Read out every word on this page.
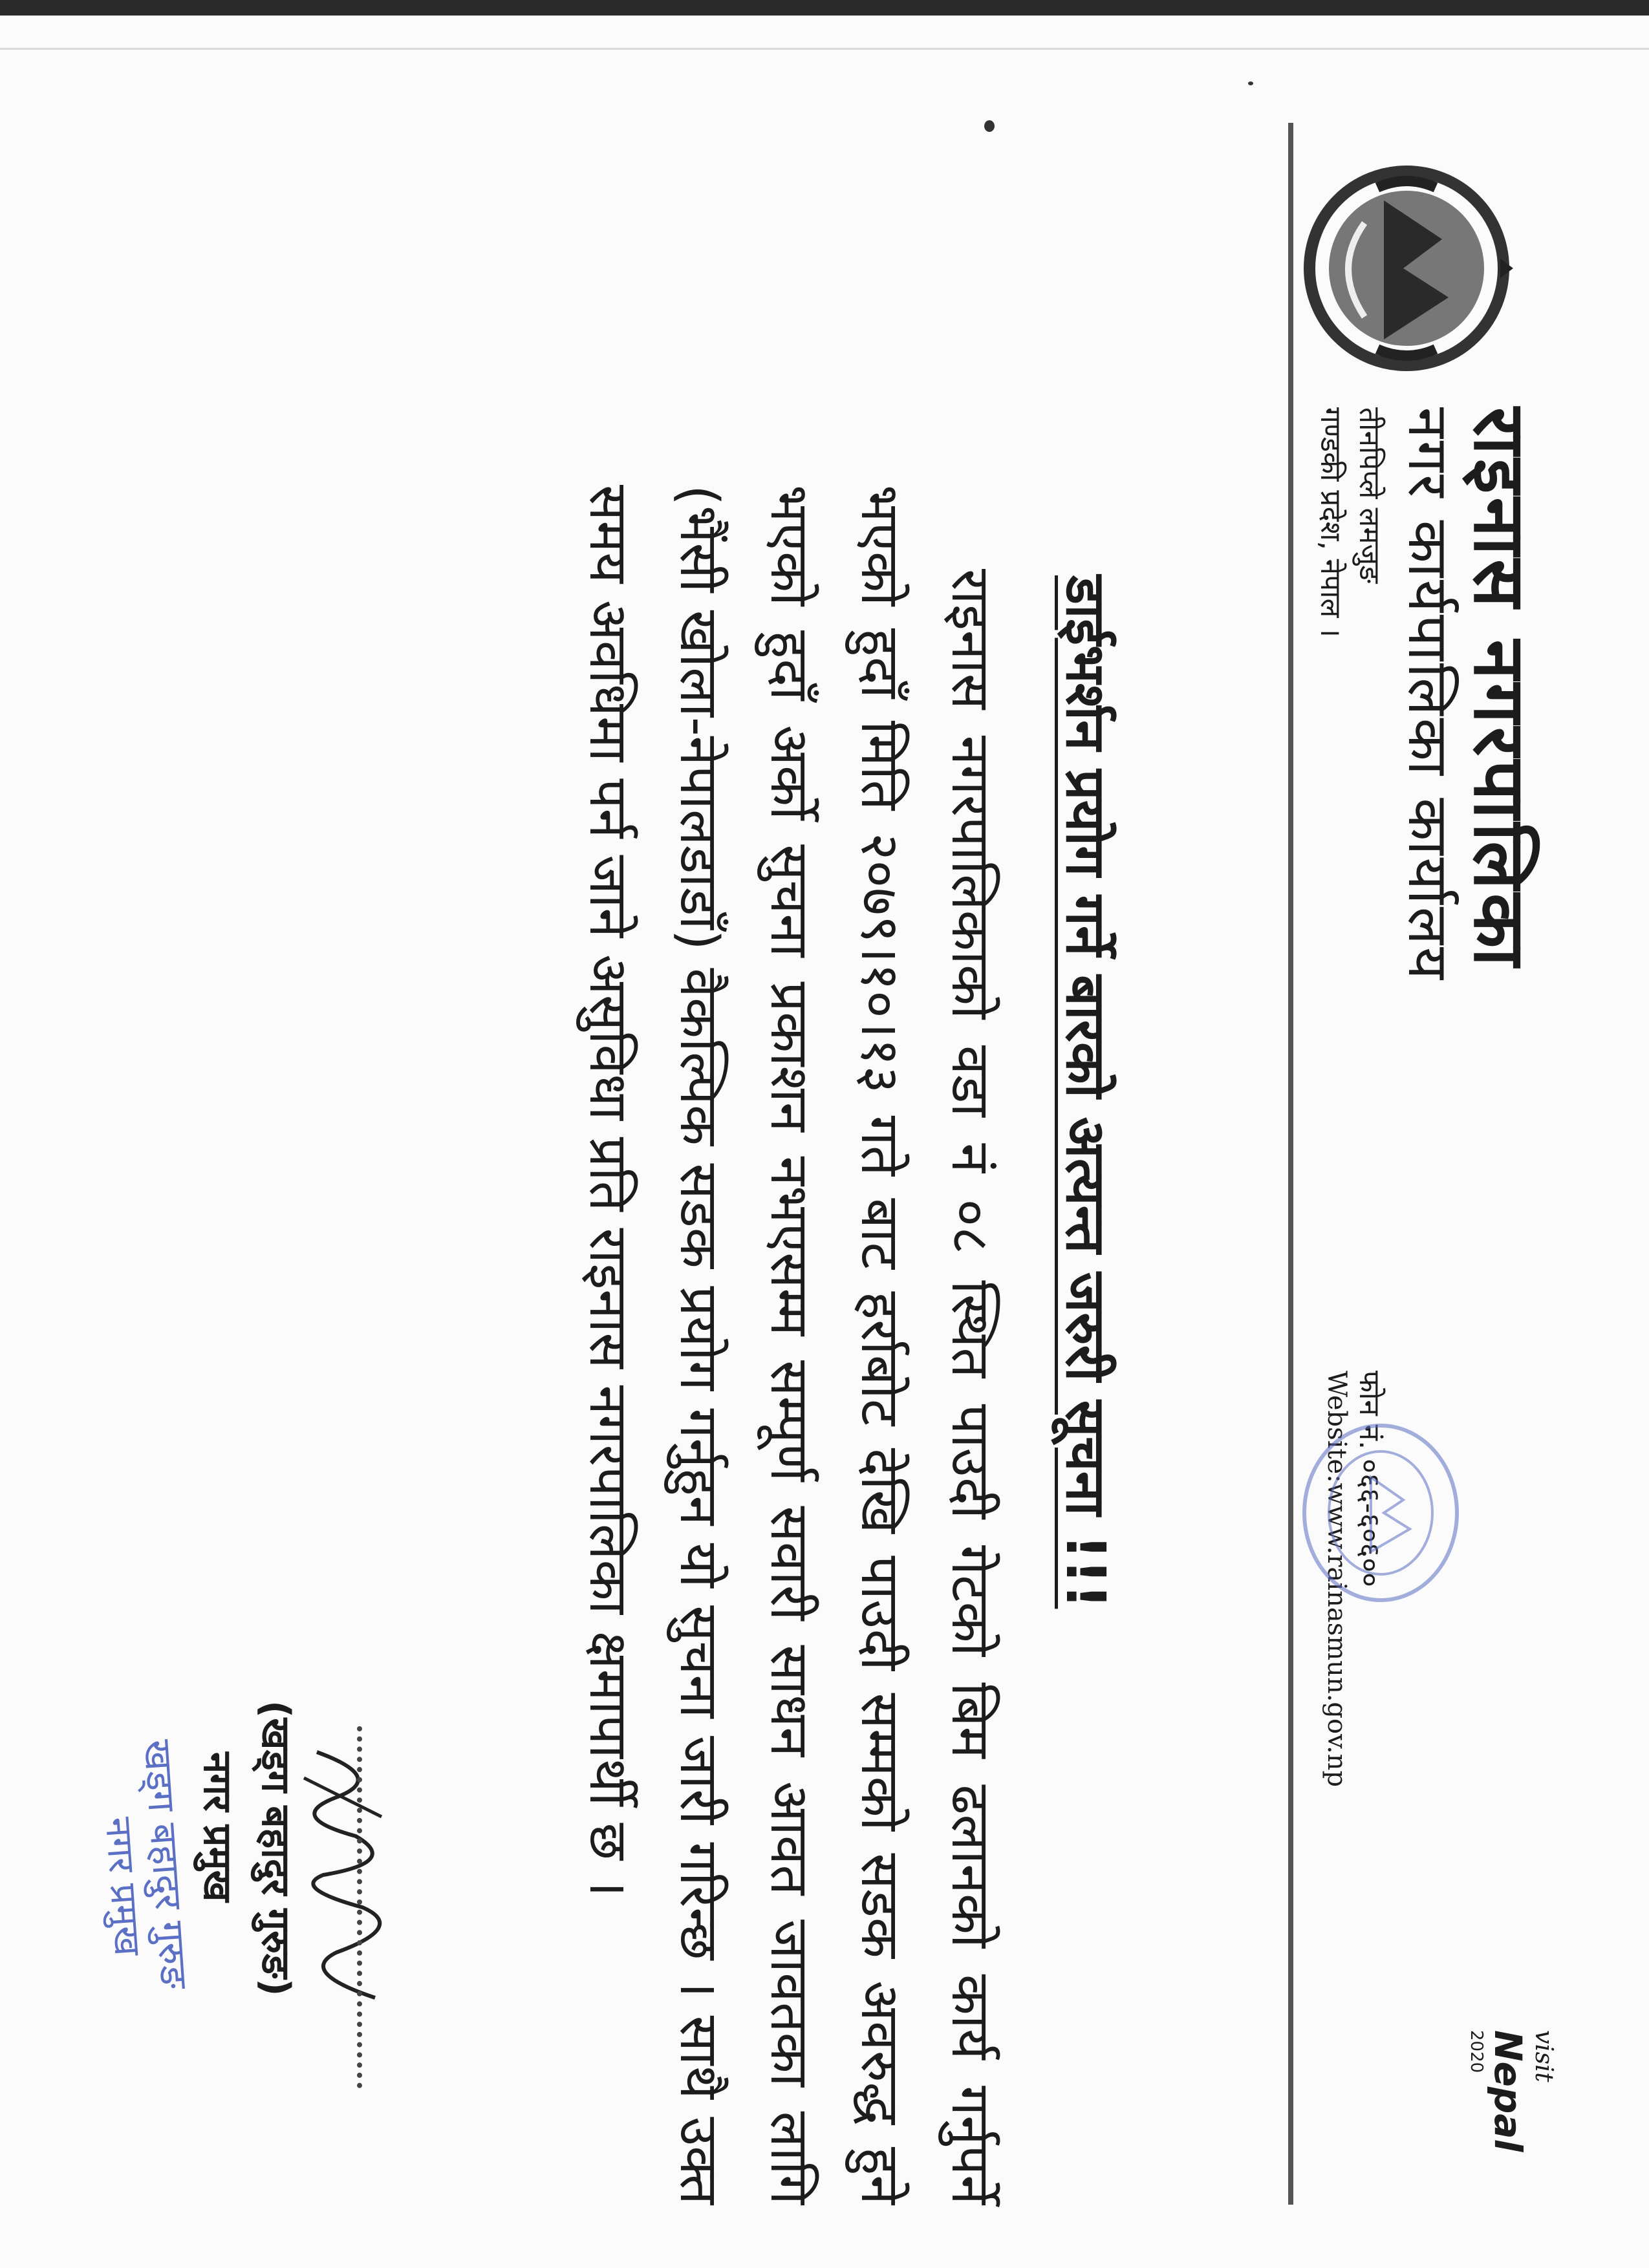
राइनास नगरपालिका
नगर कार्यपालिका कार्यालय
तीनपिप्ले लमजुङ
गण्डकी प्रदेश, नेपाल ।
फोन नं. ०६६-६०६००
Website:www.rainasmun.gov.np
visit
Nepal
2020
डाईभर्शन प्रयोग गर्ने बारको अत्यन्त जरुरी सूचना !!!
राइनास नगरपालिकाको वडा नं ०८ स्थित पाउदी गेटको बिम ढलानको कार्य गर्नुपर्ने भएको हुदाँ मिति २०७९।१०।१३ गते बाट हर्राबोट देखि पाउदी सम्मको सडक अवरुद्ध हुने भएको हुदाँ अर्को सुचना प्रकाशन नभएसम्म सम्पूर्ण सवारी साधन आवत जावतका लागि (भैंसी खोला-नेपालडाडाँ) वैकल्पिक सडक प्रयोग गर्नुहुन यो सुचना जारी गरिन्छ । साथै उक्त समय अवधिमा पर्न जाने असुविधा प्रति राइनास नगरपालिका क्षमापार्थी छ ।
(खड्ग बहादुर गुरुङ)
नगर प्रमुख
खड्ग बहादुर गुरुङ
नगर प्रमुख
